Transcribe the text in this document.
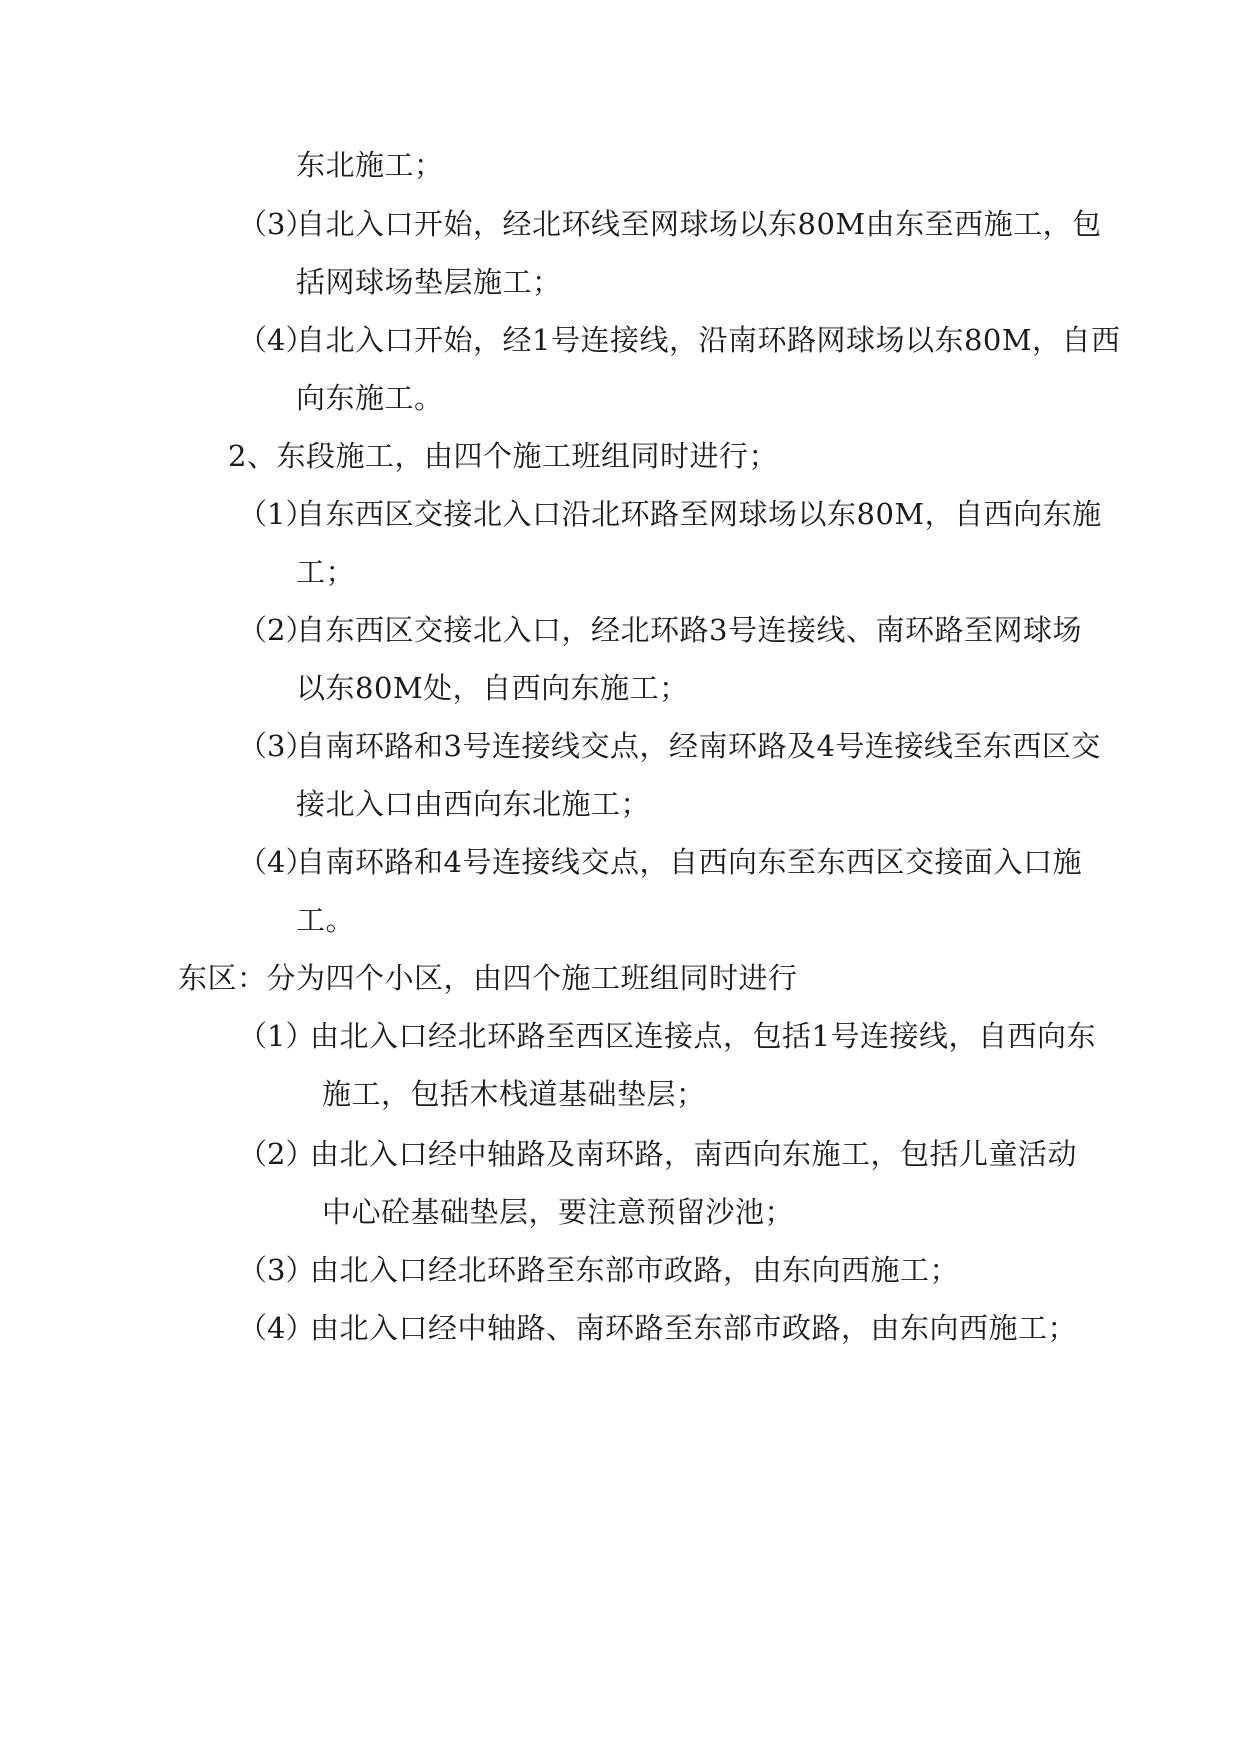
东北施工；
（3）
自北入口开始，经北环线至网球场以东80M由东至西施工，包
括网球场垫层施工；
（4）
自北入口开始，经1号连接线，沿南环路网球场以东80M，自西
向东施工。
2、东段施工，由四个施工班组同时进行；
（1）
自东西区交接北入口沿北环路至网球场以东80M，自西向东施
工；
（2）
自东西区交接北入口，经北环路3号连接线、南环路至网球场
以东80M处，自西向东施工；
（3）
自南环路和3号连接线交点，经南环路及4号连接线至东西区交
接北入口由西向东北施工；
（4）
自南环路和4号连接线交点，自西向东至东西区交接面入口施
工。
东区：分为四个小区，由四个施工班组同时进行
（1）
由北入口经北环路至西区连接点，包括1号连接线，自西向东
施工，包括木栈道基础垫层；
（2）
由北入口经中轴路及南环路，南西向东施工，包括儿童活动
中心砼基础垫层，要注意预留沙池；
（3）
由北入口经北环路至东部市政路，由东向西施工；
（4）
由北入口经中轴路、南环路至东部市政路，由东向西施工；
